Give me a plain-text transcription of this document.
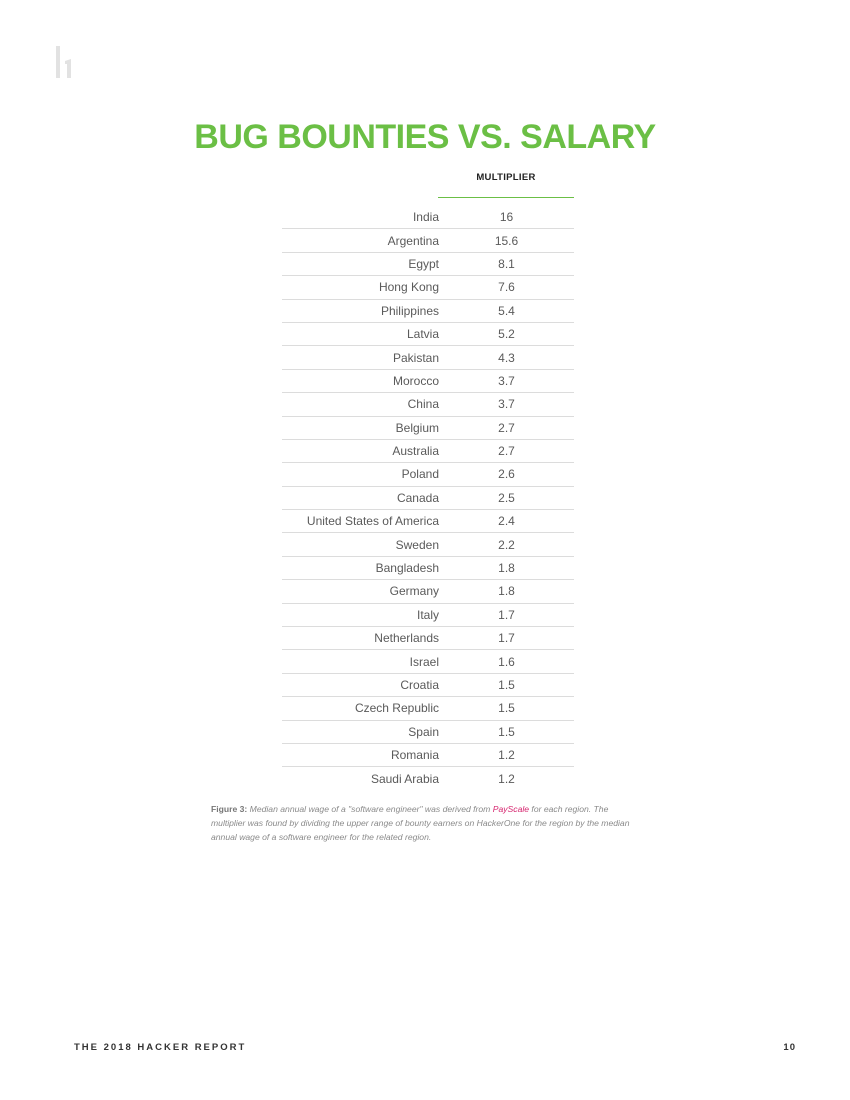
BUG BOUNTIES VS. SALARY
MULTIPLIER
India	16
Argentina	15.6
Egypt	8.1
Hong Kong	7.6
Philippines	5.4
Latvia	5.2
Pakistan	4.3
Morocco	3.7
China	3.7
Belgium	2.7
Australia	2.7
Poland	2.6
Canada	2.5
United States of America	2.4
Sweden	2.2
Bangladesh	1.8
Germany	1.8
Italy	1.7
Netherlands	1.7
Israel	1.6
Croatia	1.5
Czech Republic	1.5
Spain	1.5
Romania	1.2
Saudi Arabia	1.2
Figure 3: Median annual wage of a "software engineer" was derived from PayScale for each region. The multiplier was found by dividing the upper range of bounty earners on HackerOne for the region by the median annual wage of a software engineer for the related region.
THE 2018 HACKER REPORT	10
